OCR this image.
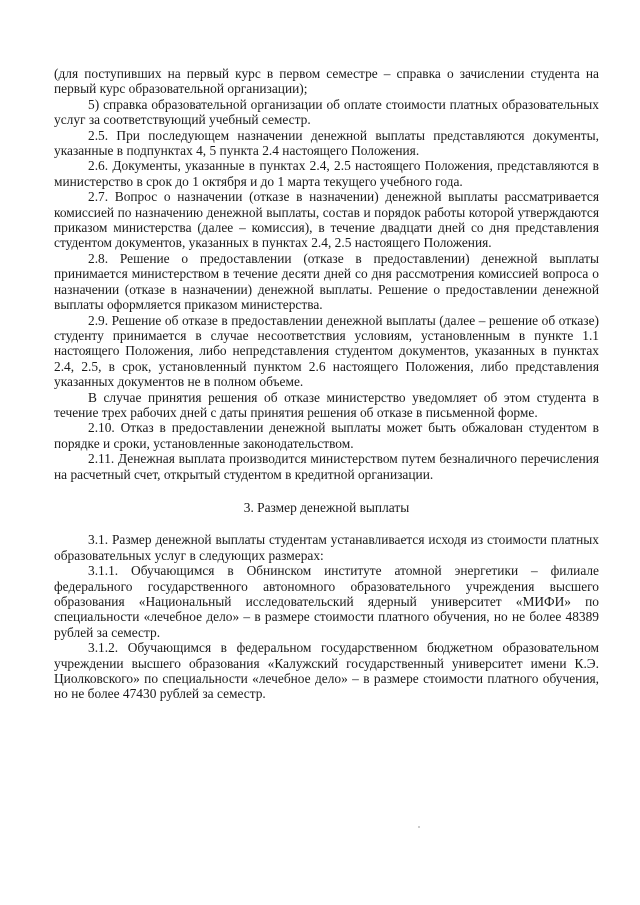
(для поступивших на первый курс в первом семестре – справка о зачислении студента на первый курс образовательной организации);

5) справка образовательной организации об оплате стоимости платных образовательных услуг за соответствующий учебный семестр.

2.5. При последующем назначении денежной выплаты представляются документы, указанные в подпунктах 4, 5 пункта 2.4 настоящего Положения.

2.6. Документы, указанные в пунктах 2.4, 2.5 настоящего Положения, представляются в министерство в срок до 1 октября и до 1 марта текущего учебного года.

2.7. Вопрос о назначении (отказе в назначении) денежной выплаты рассматривается комиссией по назначению денежной выплаты, состав и порядок работы которой утверждаются приказом министерства (далее – комиссия), в течение двадцати дней со дня представления студентом документов, указанных в пунктах 2.4, 2.5 настоящего Положения.

2.8. Решение о предоставлении (отказе в предоставлении) денежной выплаты принимается министерством в течение десяти дней со дня рассмотрения комиссией вопроса о назначении (отказе в назначении) денежной выплаты. Решение о предоставлении денежной выплаты оформляется приказом министерства.

2.9. Решение об отказе в предоставлении денежной выплаты (далее – решение об отказе) студенту принимается в случае несоответствия условиям, установленным в пункте 1.1 настоящего Положения, либо непредставления студентом документов, указанных в пунктах 2.4, 2.5, в срок, установленный пунктом 2.6 настоящего Положения, либо представления указанных документов не в полном объеме.

В случае принятия решения об отказе министерство уведомляет об этом студента в течение трех рабочих дней с даты принятия решения об отказе в письменной форме.

2.10. Отказ в предоставлении денежной выплаты может быть обжалован студентом в порядке и сроки, установленные законодательством.

2.11. Денежная выплата производится министерством путем безналичного перечисления на расчетный счет, открытый студентом в кредитной организации.

3. Размер денежной выплаты

3.1. Размер денежной выплаты студентам устанавливается исходя из стоимости платных образовательных услуг в следующих размерах:

3.1.1. Обучающимся в Обнинском институте атомной энергетики – филиале федерального государственного автономного образовательного учреждения высшего образования «Национальный исследовательский ядерный университет «МИФИ» по специальности «лечебное дело» – в размере стоимости платного обучения, но не более 48389 рублей за семестр.

3.1.2. Обучающимся в федеральном государственном бюджетном образовательном учреждении высшего образования «Калужский государственный университет имени К.Э. Циолковского» по специальности «лечебное дело» – в размере стоимости платного обучения, но не более 47430 рублей за семестр.
